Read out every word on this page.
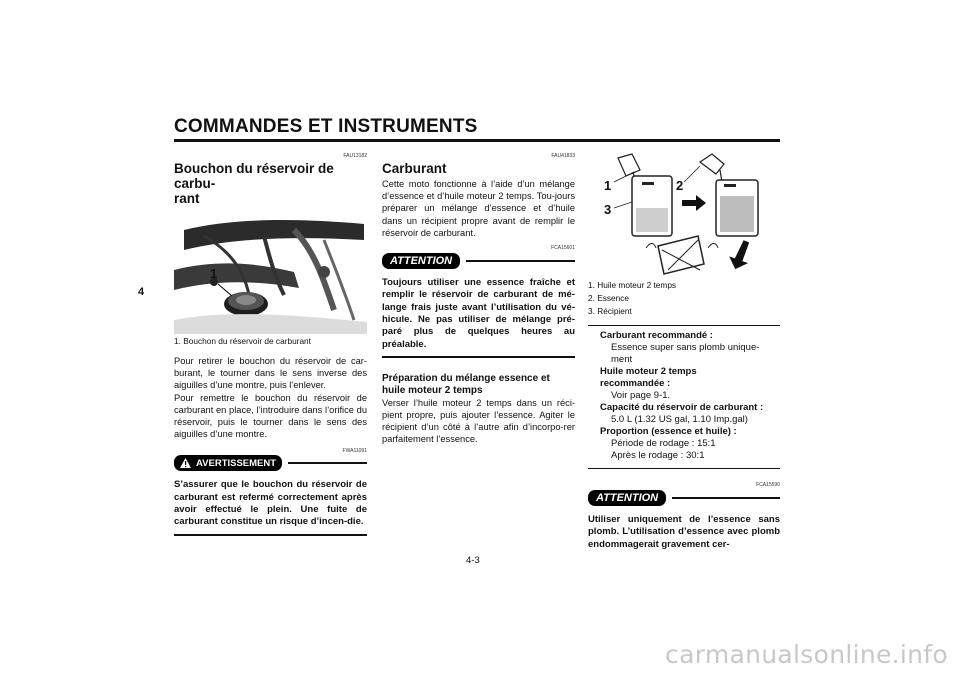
COMMANDES ET INSTRUMENTS
4
FAU13182
Bouchon du réservoir de carbu-
rant
1
1. Bouchon du réservoir de carburant

Pour retirer le bouchon du réservoir de car-burant, le tourner dans le sens inverse des aiguilles d’une montre, puis l’enlever.

Pour remettre le bouchon du réservoir de carburant en place, l’introduire dans l’orifice du réservoir, puis le tourner dans le sens des aiguilles d’une montre.

FWA11091
AVERTISSEMENT
S’assurer que le bouchon du réservoir de carburant est refermé correctement après avoir effectué le plein. Une fuite de carburant constitue un risque d’incen-die.
FAU41833
Carburant

Cette moto fonctionne à l’aide d’un mélange d’essence et d’huile moteur 2 temps. Tou-jours préparer un mélange d’essence et d’huile dans un récipient propre avant de remplir le réservoir de carburant.

FCA15601
ATTENTION
Toujours utiliser une essence fraîche et remplir le réservoir de carburant de mé-lange frais juste avant l’utilisation du vé-hicule. Ne pas utiliser de mélange pré-paré plus de quelques heures au préalable.
Préparation du mélange essence et huile moteur 2 temps

Verser l’huile moteur 2 temps dans un réci-pient propre, puis ajouter l’essence. Agiter le récipient d’un côté à l’autre afin d’incorpo-rer parfaitement l’essence.

1	2
3
1. Huile moteur 2 temps
2. Essence
3. Récipient
Carburant recommandé :
Essence super sans plomb unique-ment
Huile moteur 2 temps recommandée :
Voir page 9-1.
Capacité du réservoir de carburant :
5.0 L (1.32 US gal, 1.10 Imp.gal)
Proportion (essence et huile) :
Période de rodage : 15:1
Après le rodage : 30:1
FCA15590
ATTENTION
Utiliser uniquement de l’essence sans plomb. L’utilisation d’essence avec plomb endommagerait gravement cer-
4-3
carmanualsonline.info
